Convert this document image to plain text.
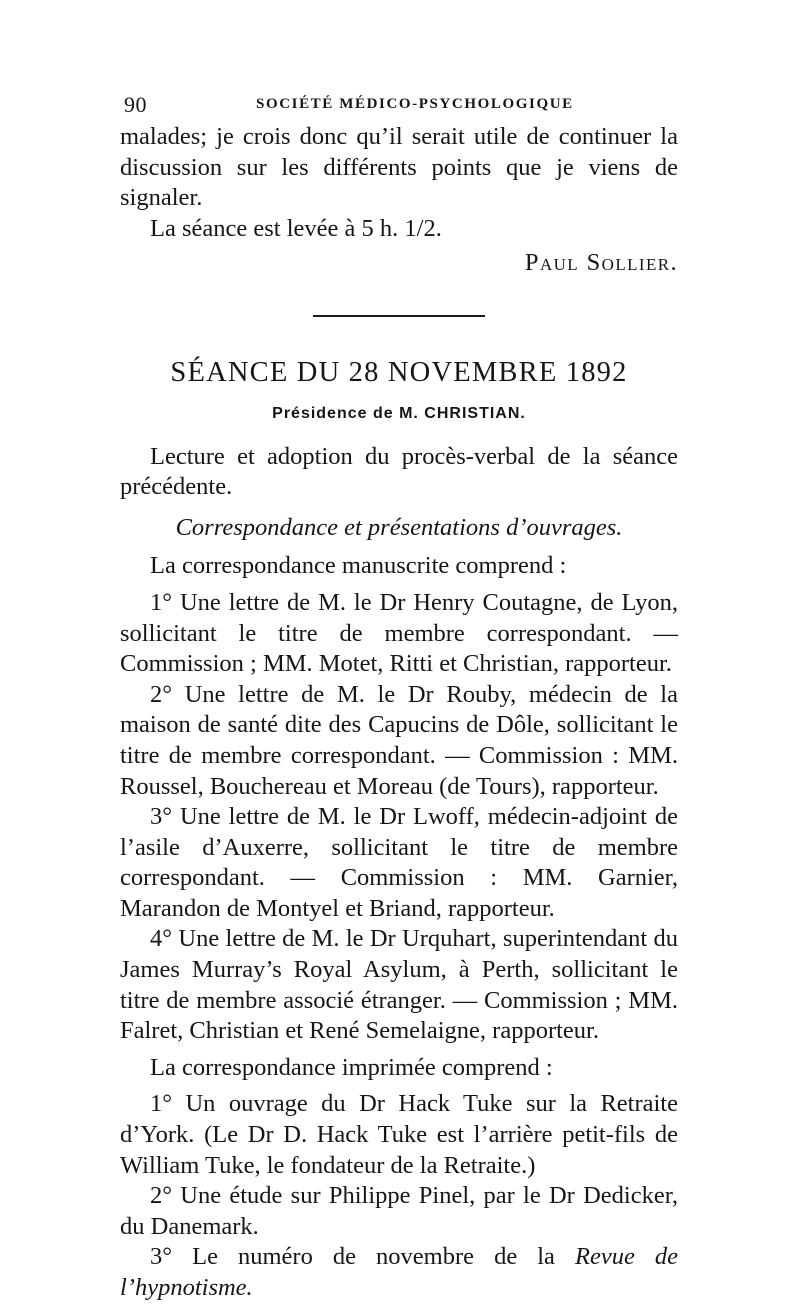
90	SOCIÉTÉ MÉDICO-PSYCHOLOGIQUE

malades; je crois donc qu’il serait utile de continuer la discussion sur les différents points que je viens de signaler.

La séance est levée à 5 h. 1/2.

Paul Sollier.

SÉANCE DU 28 NOVEMBRE 1892
Présidence de M. CHRISTIAN.

Lecture et adoption du procès-verbal de la séance précédente.

Correspondance et présentations d’ouvrages.

La correspondance manuscrite comprend :

1° Une lettre de M. le Dr Henry Coutagne, de Lyon, sollicitant le titre de membre correspondant. — Commission ; MM. Motet, Ritti et Christian, rapporteur.

2° Une lettre de M. le Dr Rouby, médecin de la maison de santé dite des Capucins de Dôle, sollicitant le titre de membre correspondant. — Commission : MM. Roussel, Bouchereau et Moreau (de Tours), rapporteur.

3° Une lettre de M. le Dr Lwoff, médecin-adjoint de l’asile d’Auxerre, sollicitant le titre de membre correspondant. — Commission : MM. Garnier, Marandon de Montyel et Briand, rapporteur.

4° Une lettre de M. le Dr Urquhart, superintendant du James Murray’s Royal Asylum, à Perth, sollicitant le titre de membre associé étranger. — Commission ; MM. Falret, Christian et René Semelaigne, rapporteur.

La correspondance imprimée comprend :

1° Un ouvrage du Dr Hack Tuke sur la Retraite d’York. (Le Dr D. Hack Tuke est l’arrière petit-fils de William Tuke, le fondateur de la Retraite.)

2° Une étude sur Philippe Pinel, par le Dr Dedicker, du Danemark.

3° Le numéro de novembre de la Revue de l’hypnotisme.
